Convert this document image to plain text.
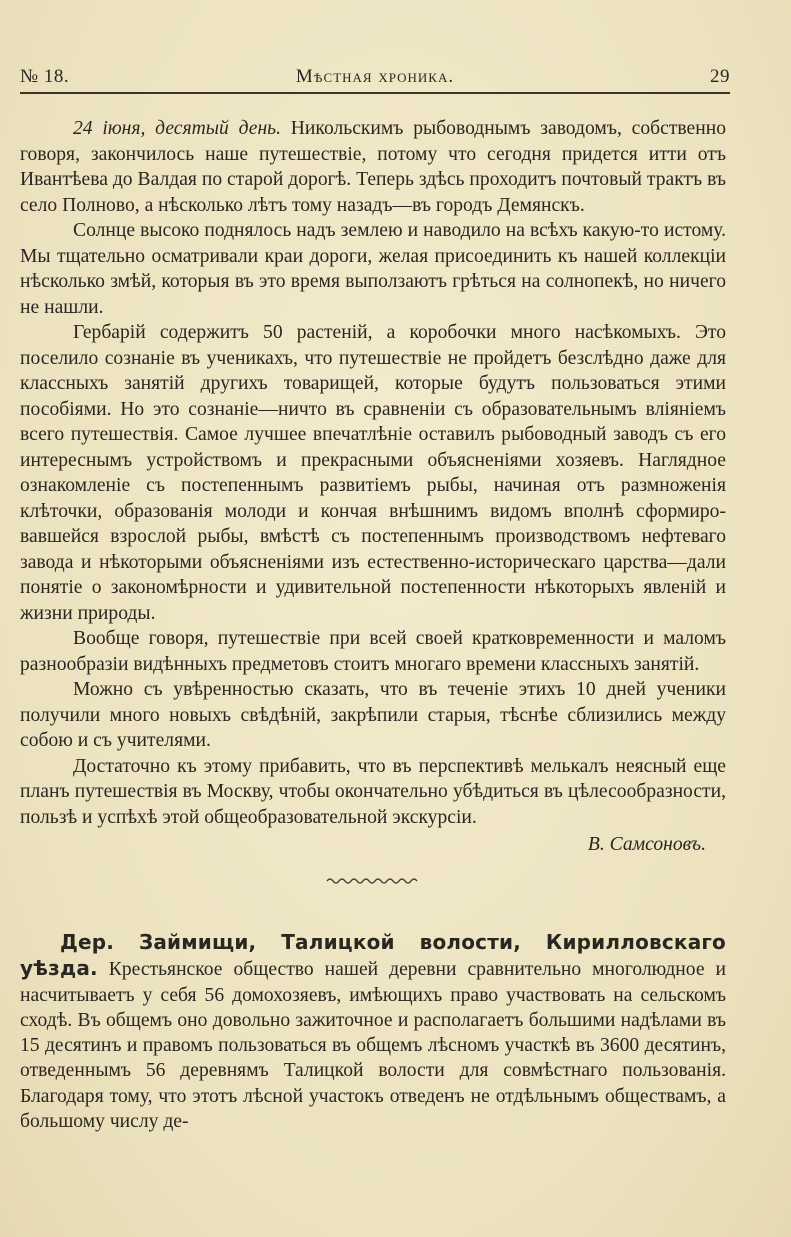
№ 18.	Мѣстная хроника.	29

24 іюня, десятый день. Никольскимъ рыбоводнымъ заводомъ, собственно говоря, закончилось наше путешествіе, потому что сегодня придется итти отъ Ивантѣева до Валдая по старой дорогѣ. Теперь здѣсь проходитъ почтовый трактъ въ село Полново, а нѣсколько лѣтъ тому назадъ—въ городъ Демянскъ.

Солнце высоко поднялось надъ землею и наводило на всѣхъ какую-то истому. Мы тщательно осматривали краи дороги, желая присоединить къ нашей коллекціи нѣсколько змѣй, которыя въ это время выползаютъ грѣться на солнопекѣ, но ничего не нашли.

Гербарій содержитъ 50 растеній, а коробочки много насѣкомыхъ. Это поселило сознаніе въ ученикахъ, что путешествіе не пройдетъ безслѣдно даже для классныхъ занятій другихъ товарищей, которые будутъ пользоваться этими пособіями. Но это сознаніе—ничто въ сравненіи съ образовательнымъ вліяніемъ всего путешествія. Самое лучшее впечатлѣніе оставилъ рыбоводный заводъ съ его интереснымъ устройствомъ и прекрасными объясненіями хозяевъ. Наглядное ознакомленіе съ постепеннымъ развитіемъ рыбы, начиная отъ размноженія клѣточки, образованія молоди и кончая внѣшнимъ видомъ вполнѣ сформировавшейся взрослой рыбы, вмѣстѣ съ постепеннымъ производствомъ нефтеваго завода и нѣкоторыми объясненіями изъ естественно-историческаго царства—дали понятіе о закономѣрности и удивительной постепенности нѣкоторыхъ явленій и жизни природы.

Вообще говоря, путешествіе при всей своей кратковременности и маломъ разнообразіи видѣнныхъ предметовъ стоитъ многаго времени классныхъ занятій.

Можно съ увѣренностью сказать, что въ теченіе этихъ 10 дней ученики получили много новыхъ свѣдѣній, закрѣпили старыя, тѣснѣе сблизились между собою и съ учителями.

Достаточно къ этому прибавить, что въ перспективѣ мелькалъ неясный еще планъ путешествія въ Москву, чтобы окончательно убѣдиться въ цѣлесообразности, пользѣ и успѣхѣ этой общеобразовательной экскурсіи.

В. Самсоновъ.

Дер. Займищи, Талицкой волости, Кирилловскаго уѣзда. Крестьянское общество нашей деревни сравнительно многолюдное и насчитываетъ у себя 56 домохозяевъ, имѣющихъ право участвовать на сельскомъ сходѣ. Въ общемъ оно довольно зажиточное и располагаетъ большими надѣлами въ 15 десятинъ и правомъ пользоваться въ общемъ лѣсномъ участкѣ въ 3600 десятинъ, отведеннымъ 56 деревнямъ Талицкой волости для совмѣстнаго пользованія. Благодаря тому, что этотъ лѣсной участокъ отведенъ не отдѣльнымъ обществамъ, а большому числу де-
